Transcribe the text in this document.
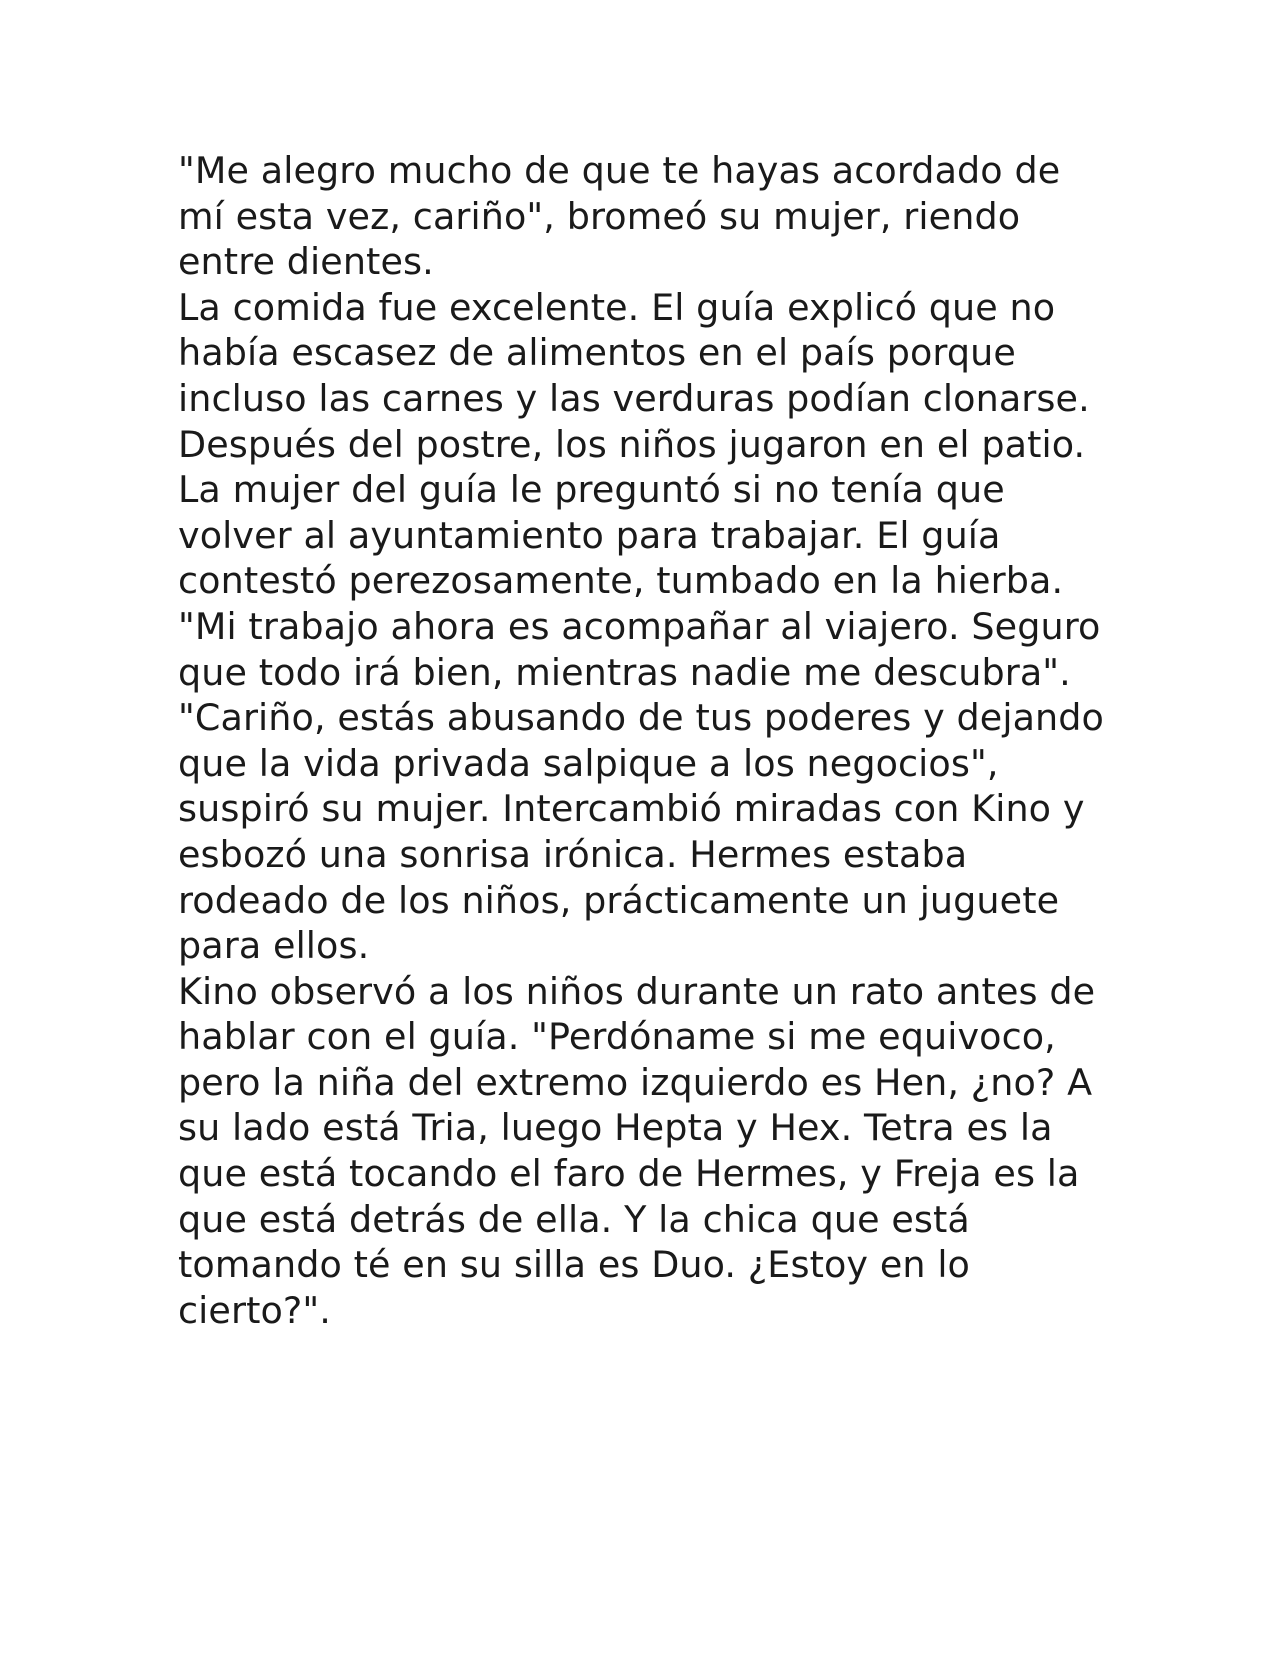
"Me alegro mucho de que te hayas acordado de mí esta vez, cariño", bromeó su mujer, riendo entre dientes.

La comida fue excelente. El guía explicó que no había escasez de alimentos en el país porque incluso las carnes y las verduras podían clonarse.

Después del postre, los niños jugaron en el patio. La mujer del guía le preguntó si no tenía que volver al ayuntamiento para trabajar. El guía contestó perezosamente, tumbado en la hierba. "Mi trabajo ahora es acompañar al viajero. Seguro que todo irá bien, mientras nadie me descubra".

"Cariño, estás abusando de tus poderes y dejando que la vida privada salpique a los negocios", suspiró su mujer. Intercambió miradas con Kino y esbozó una sonrisa irónica. Hermes estaba rodeado de los niños, prácticamente un juguete para ellos.

Kino observó a los niños durante un rato antes de hablar con el guía. "Perdóname si me equivoco, pero la niña del extremo izquierdo es Hen, ¿no? A su lado está Tria, luego Hepta y Hex. Tetra es la que está tocando el faro de Hermes, y Freja es la que está detrás de ella. Y la chica que está tomando té en su silla es Duo. ¿Estoy en lo cierto?".
